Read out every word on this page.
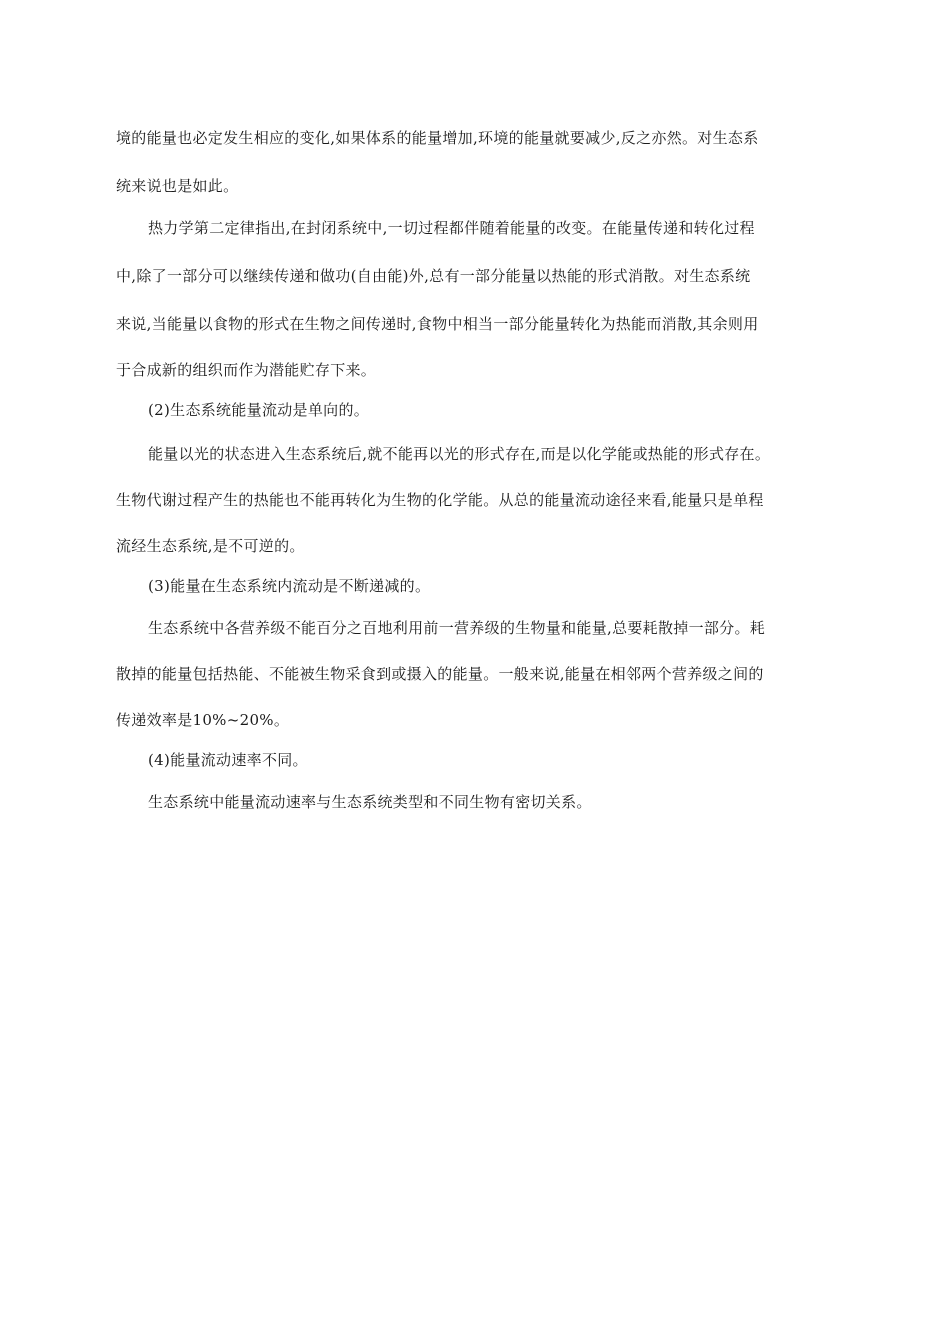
境的能量也必定发生相应的变化,如果体系的能量增加,环境的能量就要减少,反之亦然。对生态系
统来说也是如此。
热力学第二定律指出,在封闭系统中,一切过程都伴随着能量的改变。在能量传递和转化过程
中,除了一部分可以继续传递和做功(自由能)外,总有一部分能量以热能的形式消散。对生态系统
来说,当能量以食物的形式在生物之间传递时,食物中相当一部分能量转化为热能而消散,其余则用
于合成新的组织而作为潜能贮存下来。
(2)生态系统能量流动是单向的。
能量以光的状态进入生态系统后,就不能再以光的形式存在,而是以化学能或热能的形式存在。
生物代谢过程产生的热能也不能再转化为生物的化学能。从总的能量流动途径来看,能量只是单程
流经生态系统,是不可逆的。
(3)能量在生态系统内流动是不断递减的。
生态系统中各营养级不能百分之百地利用前一营养级的生物量和能量,总要耗散掉一部分。耗
散掉的能量包括热能、不能被生物采食到或摄入的能量。一般来说,能量在相邻两个营养级之间的
传递效率是10%~20%。
(4)能量流动速率不同。
生态系统中能量流动速率与生态系统类型和不同生物有密切关系。
